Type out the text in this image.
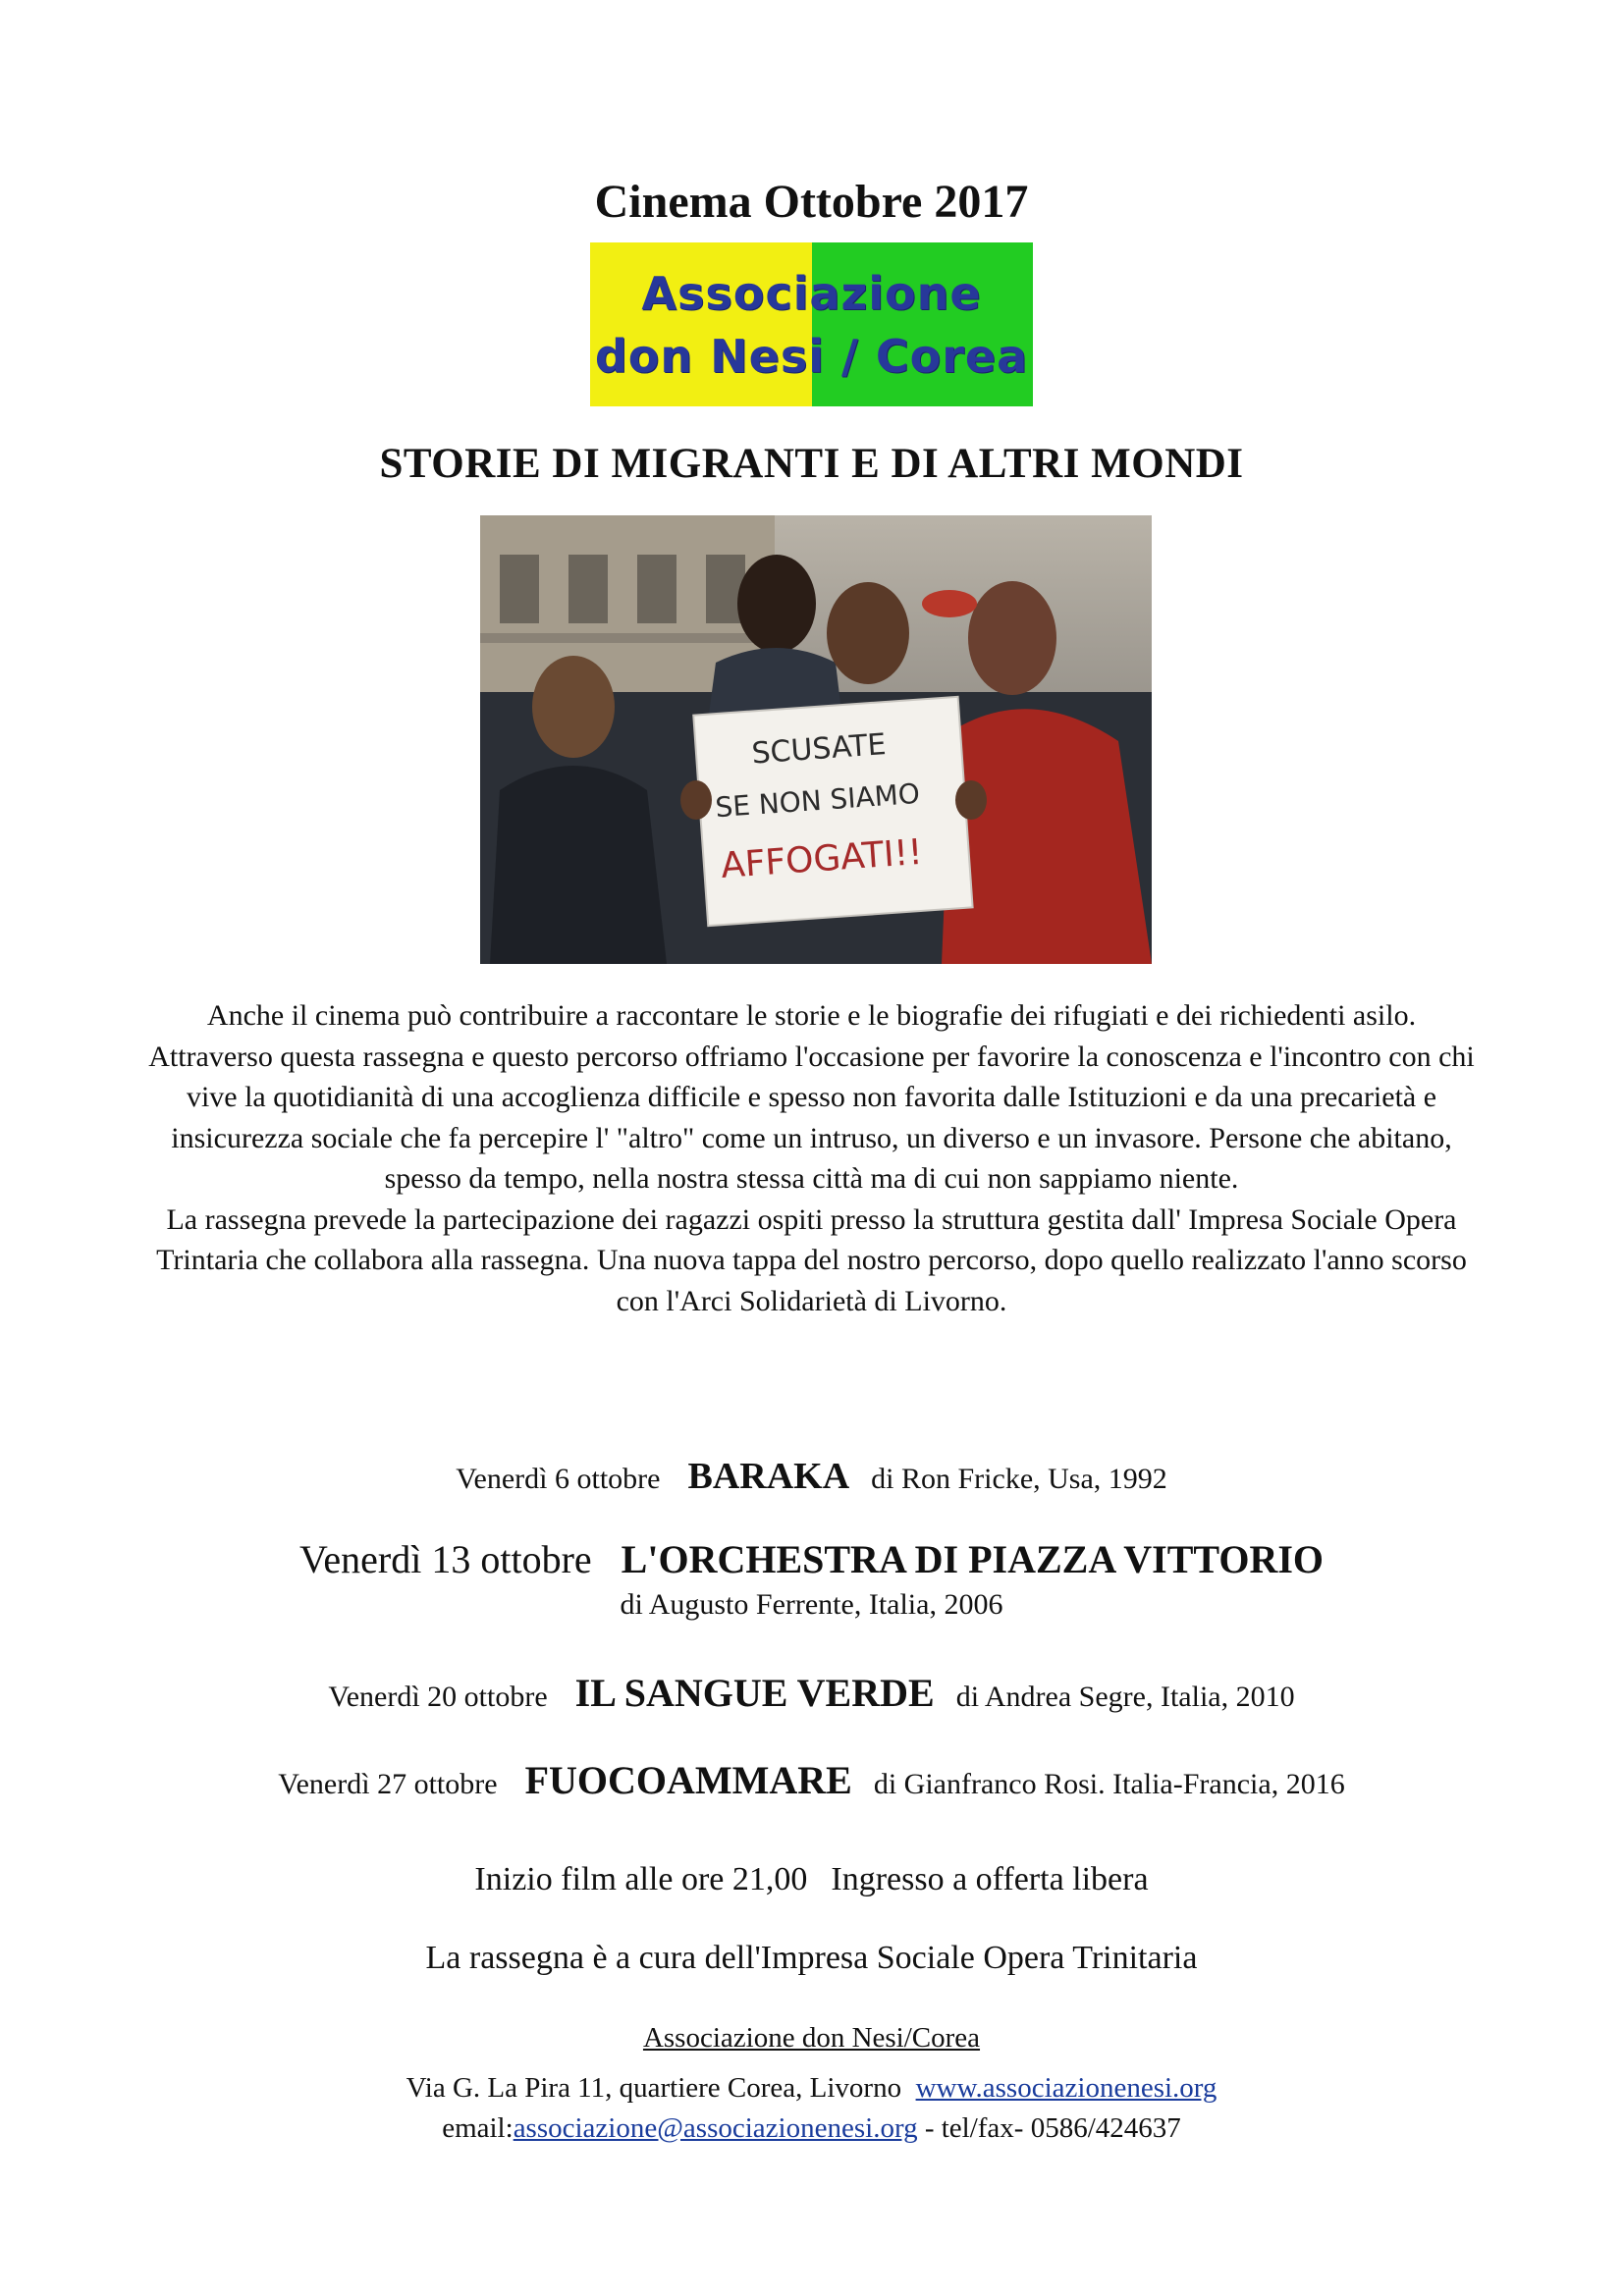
Cinema Ottobre 2017
Associazione
don Nesi / Corea
STORIE DI MIGRANTI E DI ALTRI MONDI
SCUSATE
SE NON SIAMO
AFFOGATI!!

Anche il cinema può contribuire a raccontare le storie e le biografie dei rifugiati e dei richiedenti asilo.

Attraverso questa rassegna e questo percorso offriamo l'occasione per favorire la conoscenza e l'incontro con chi vive la quotidianità di una accoglienza difficile e spesso non favorita dalle Istituzioni e da una precarietà e insicurezza sociale che fa percepire l' "altro" come un intruso, un diverso e un invasore. Persone che abitano, spesso da tempo, nella nostra stessa città ma di cui non sappiamo niente.

La rassegna prevede la partecipazione dei ragazzi ospiti presso la struttura gestita dall' Impresa Sociale Opera Trintaria che collabora alla rassegna. Una nuova tappa del nostro percorso, dopo quello realizzato l'anno scorso con l'Arci Solidarietà di Livorno.

Venerdì 6 ottobre BARAKA di Ron Fricke, Usa, 1992
Venerdì 13 ottobre L'ORCHESTRA DI PIAZZA VITTORIO
di Augusto Ferrente, Italia, 2006
Venerdì 20 ottobre IL SANGUE VERDE di Andrea Segre, Italia, 2010
Venerdì 27 ottobre FUOCOAMMARE di Gianfranco Rosi. Italia-Francia, 2016
Inizio film alle ore 21,00 Ingresso a offerta libera
La rassegna è a cura dell'Impresa Sociale Opera Trinitaria
Associazione don Nesi/Corea
Via G. La Pira 11, quartiere Corea, Livorno www.associazionenesi.org
email:associazione@associazionenesi.org - tel/fax- 0586/424637
